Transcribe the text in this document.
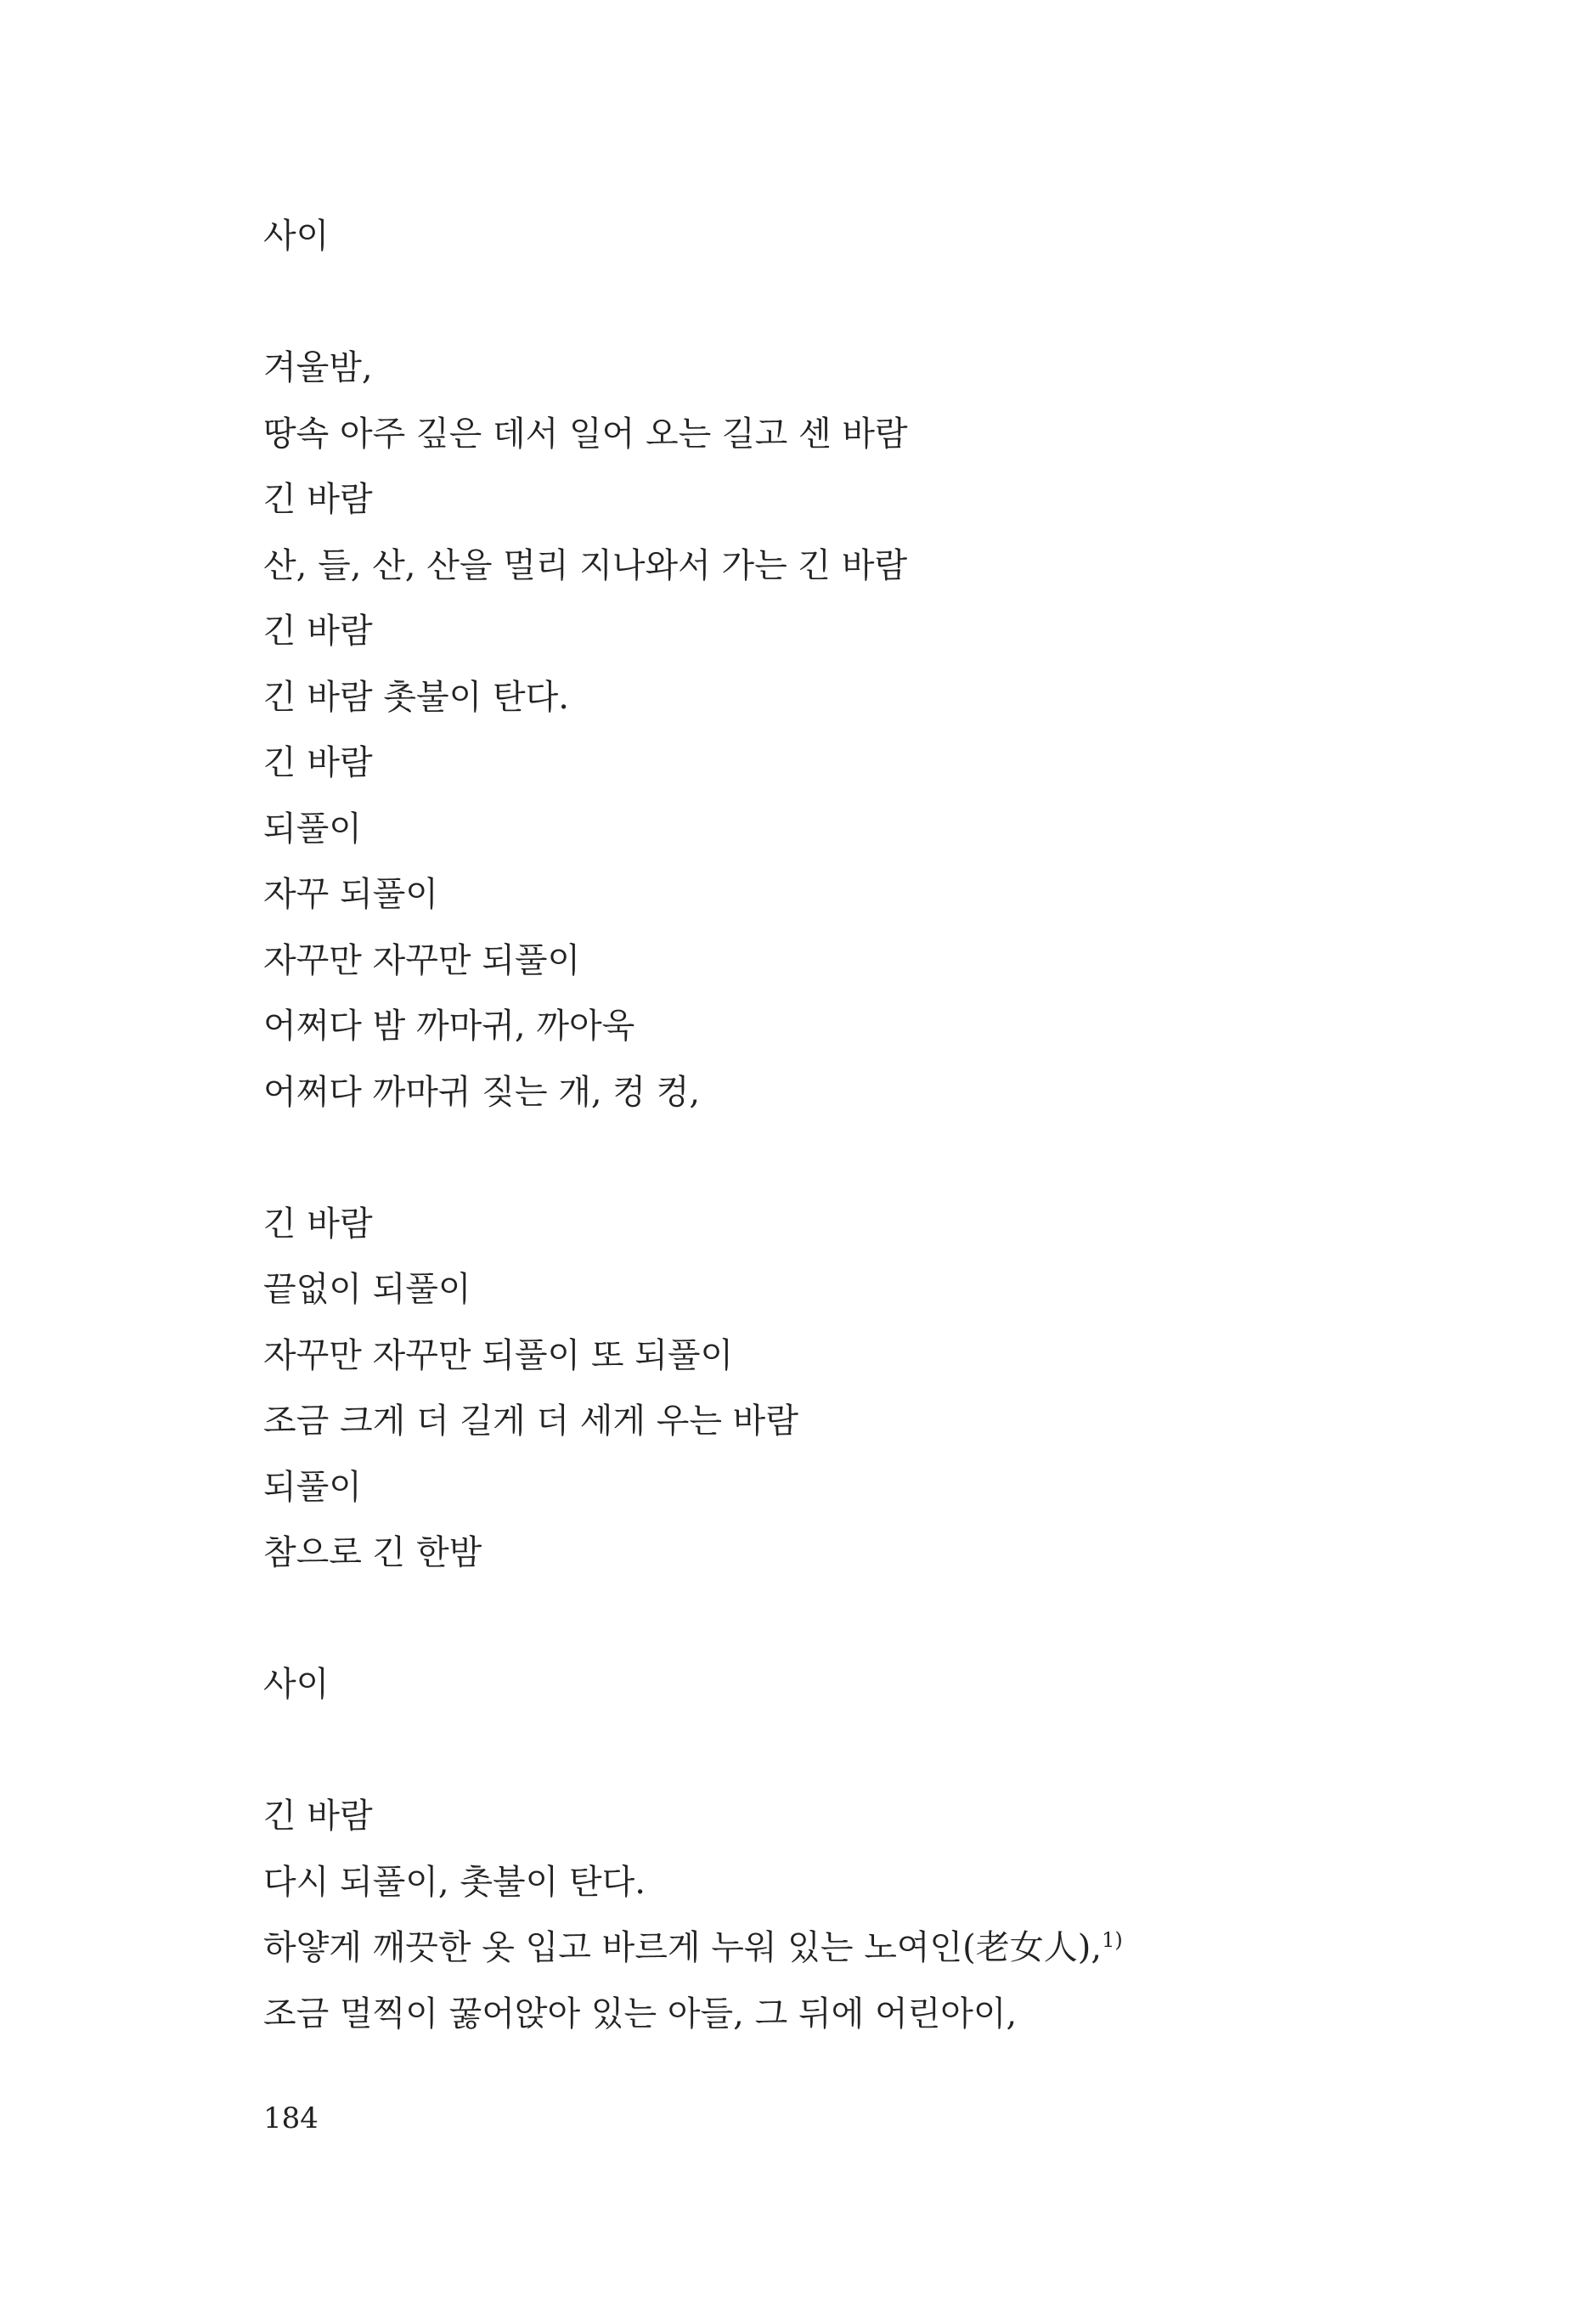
사이
겨울밤,
땅속 아주 깊은 데서 일어 오는 길고 센 바람
긴 바람
산, 들, 산, 산을 멀리 지나와서 가는 긴 바람
긴 바람
긴 바람 촛불이 탄다.
긴 바람
되풀이
자꾸 되풀이
자꾸만 자꾸만 되풀이
어쩌다 밤 까마귀, 까아욱
어쩌다 까마귀 짖는 개, 컹 컹,
긴 바람
끝없이 되풀이
자꾸만 자꾸만 되풀이 또 되풀이
조금 크게 더 길게 더 세게 우는 바람
되풀이
참으로 긴 한밤
사이
긴 바람
다시 되풀이, 촛불이 탄다.
하얗게 깨끗한 옷 입고 바르게 누워 있는 노여인(老女人),$^{1)}$
조금 멀찍이 꿇어앉아 있는 아들, 그 뒤에 어린아이,
184
